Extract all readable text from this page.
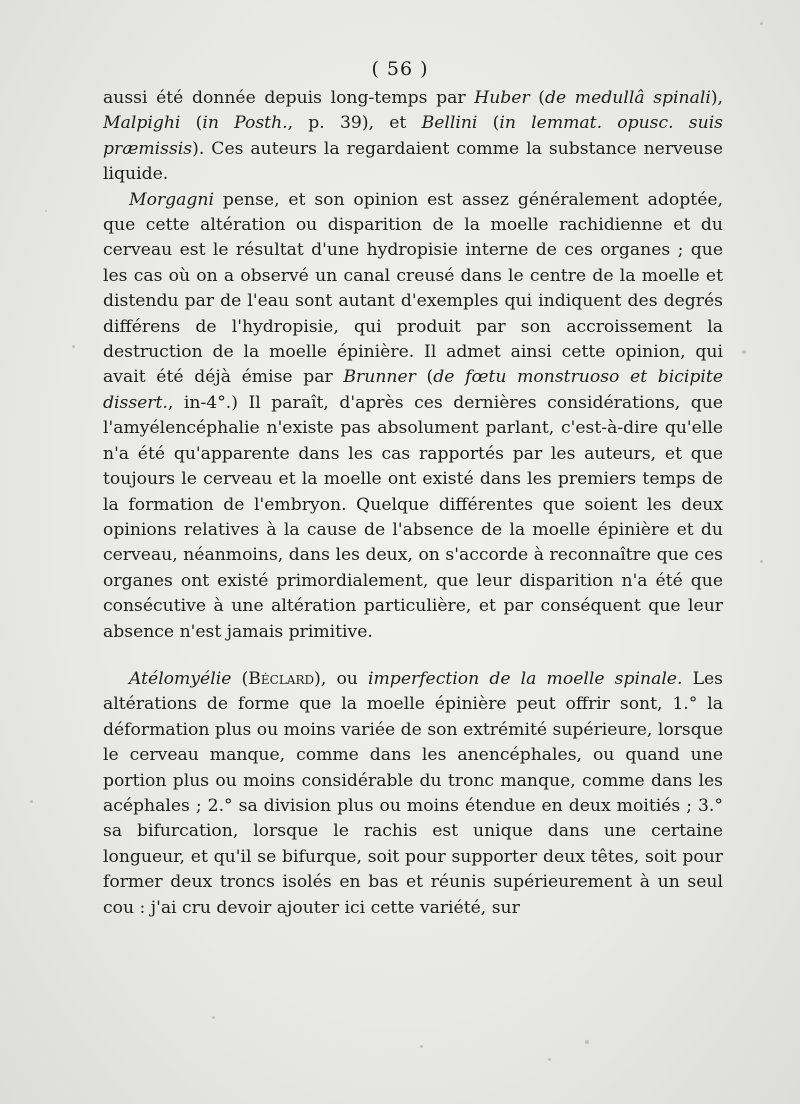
( 56 )

aussi été donnée depuis long-temps par Huber (de medullâ spinali), Malpighi (in Posth., p. 39), et Bellini (in lemmat. opusc. suis præmissis). Ces auteurs la regardaient comme la substance nerveuse liquide.

Morgagni pense, et son opinion est assez généralement adoptée, que cette altération ou disparition de la moelle rachidienne et du cerveau est le résultat d'une hydropisie interne de ces organes ; que les cas où on a observé un canal creusé dans le centre de la moelle et distendu par de l'eau sont autant d'exemples qui indiquent des degrés différens de l'hydropisie, qui produit par son accroissement la destruction de la moelle épinière. Il admet ainsi cette opinion, qui avait été déjà émise par Brunner (de fœtu monstruoso et bicipite dissert., in-4°.) Il paraît, d'après ces dernières considérations, que l'amyélencéphalie n'existe pas absolument parlant, c'est-à-dire qu'elle n'a été qu'apparente dans les cas rapportés par les auteurs, et que toujours le cerveau et la moelle ont existé dans les premiers temps de la formation de l'embryon. Quelque différentes que soient les deux opinions relatives à la cause de l'absence de la moelle épinière et du cerveau, néanmoins, dans les deux, on s'accorde à reconnaître que ces organes ont existé primordialement, que leur disparition n'a été que consécutive à une altération particulière, et par conséquent que leur absence n'est jamais primitive.

Atélomyélie (Béclard), ou imperfection de la moelle spinale. Les altérations de forme que la moelle épinière peut offrir sont, 1.° la déformation plus ou moins variée de son extrémité supérieure, lorsque le cerveau manque, comme dans les anencéphales, ou quand une portion plus ou moins considérable du tronc manque, comme dans les acéphales ; 2.° sa division plus ou moins étendue en deux moitiés ; 3.° sa bifurcation, lorsque le rachis est unique dans une certaine longueur, et qu'il se bifurque, soit pour supporter deux têtes, soit pour former deux troncs isolés en bas et réunis supérieurement à un seul cou : j'ai cru devoir ajouter ici cette variété, sur
